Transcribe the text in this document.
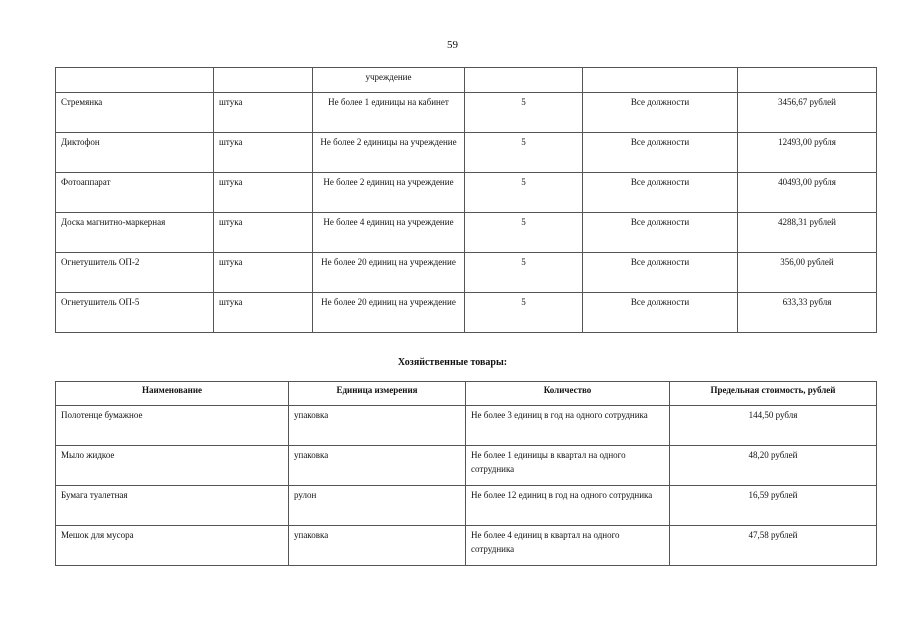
59
		учреждение			
Стремянка	штука	Не более 1 единицы на кабинет	5	Все должности	3456,67 рублей
Диктофон	штука	Не более 2 единицы на учреждение	5	Все должности	12493,00 рубля
Фотоаппарат	штука	Не более 2 единиц на учреждение	5	Все должности	40493,00 рубля
Доска магнитно-маркерная	штука	Не более 4 единиц на учреждение	5	Все должности	4288,31 рублей
Огнетушитель ОП-2	штука	Не более 20 единиц на учреждение	5	Все должности	356,00 рублей
Огнетушитель ОП-5	штука	Не более 20 единиц на учреждение	5	Все должности	633,33 рубля
Хозяйственные товары:
Наименование	Единица измерения	Количество	Предельная стоимость, рублей
Полотенце бумажное	упаковка	Не более 3 единиц в год на одного сотрудника	144,50 рубля
Мыло жидкое	упаковка	Не более 1 единицы в квартал на одного сотрудника	48,20 рублей
Бумага туалетная	рулон	Не более 12 единиц в год на одного сотрудника	16,59 рублей
Мешок для мусора	упаковка	Не более 4 единиц в квартал на одного сотрудника	47,58 рублей
